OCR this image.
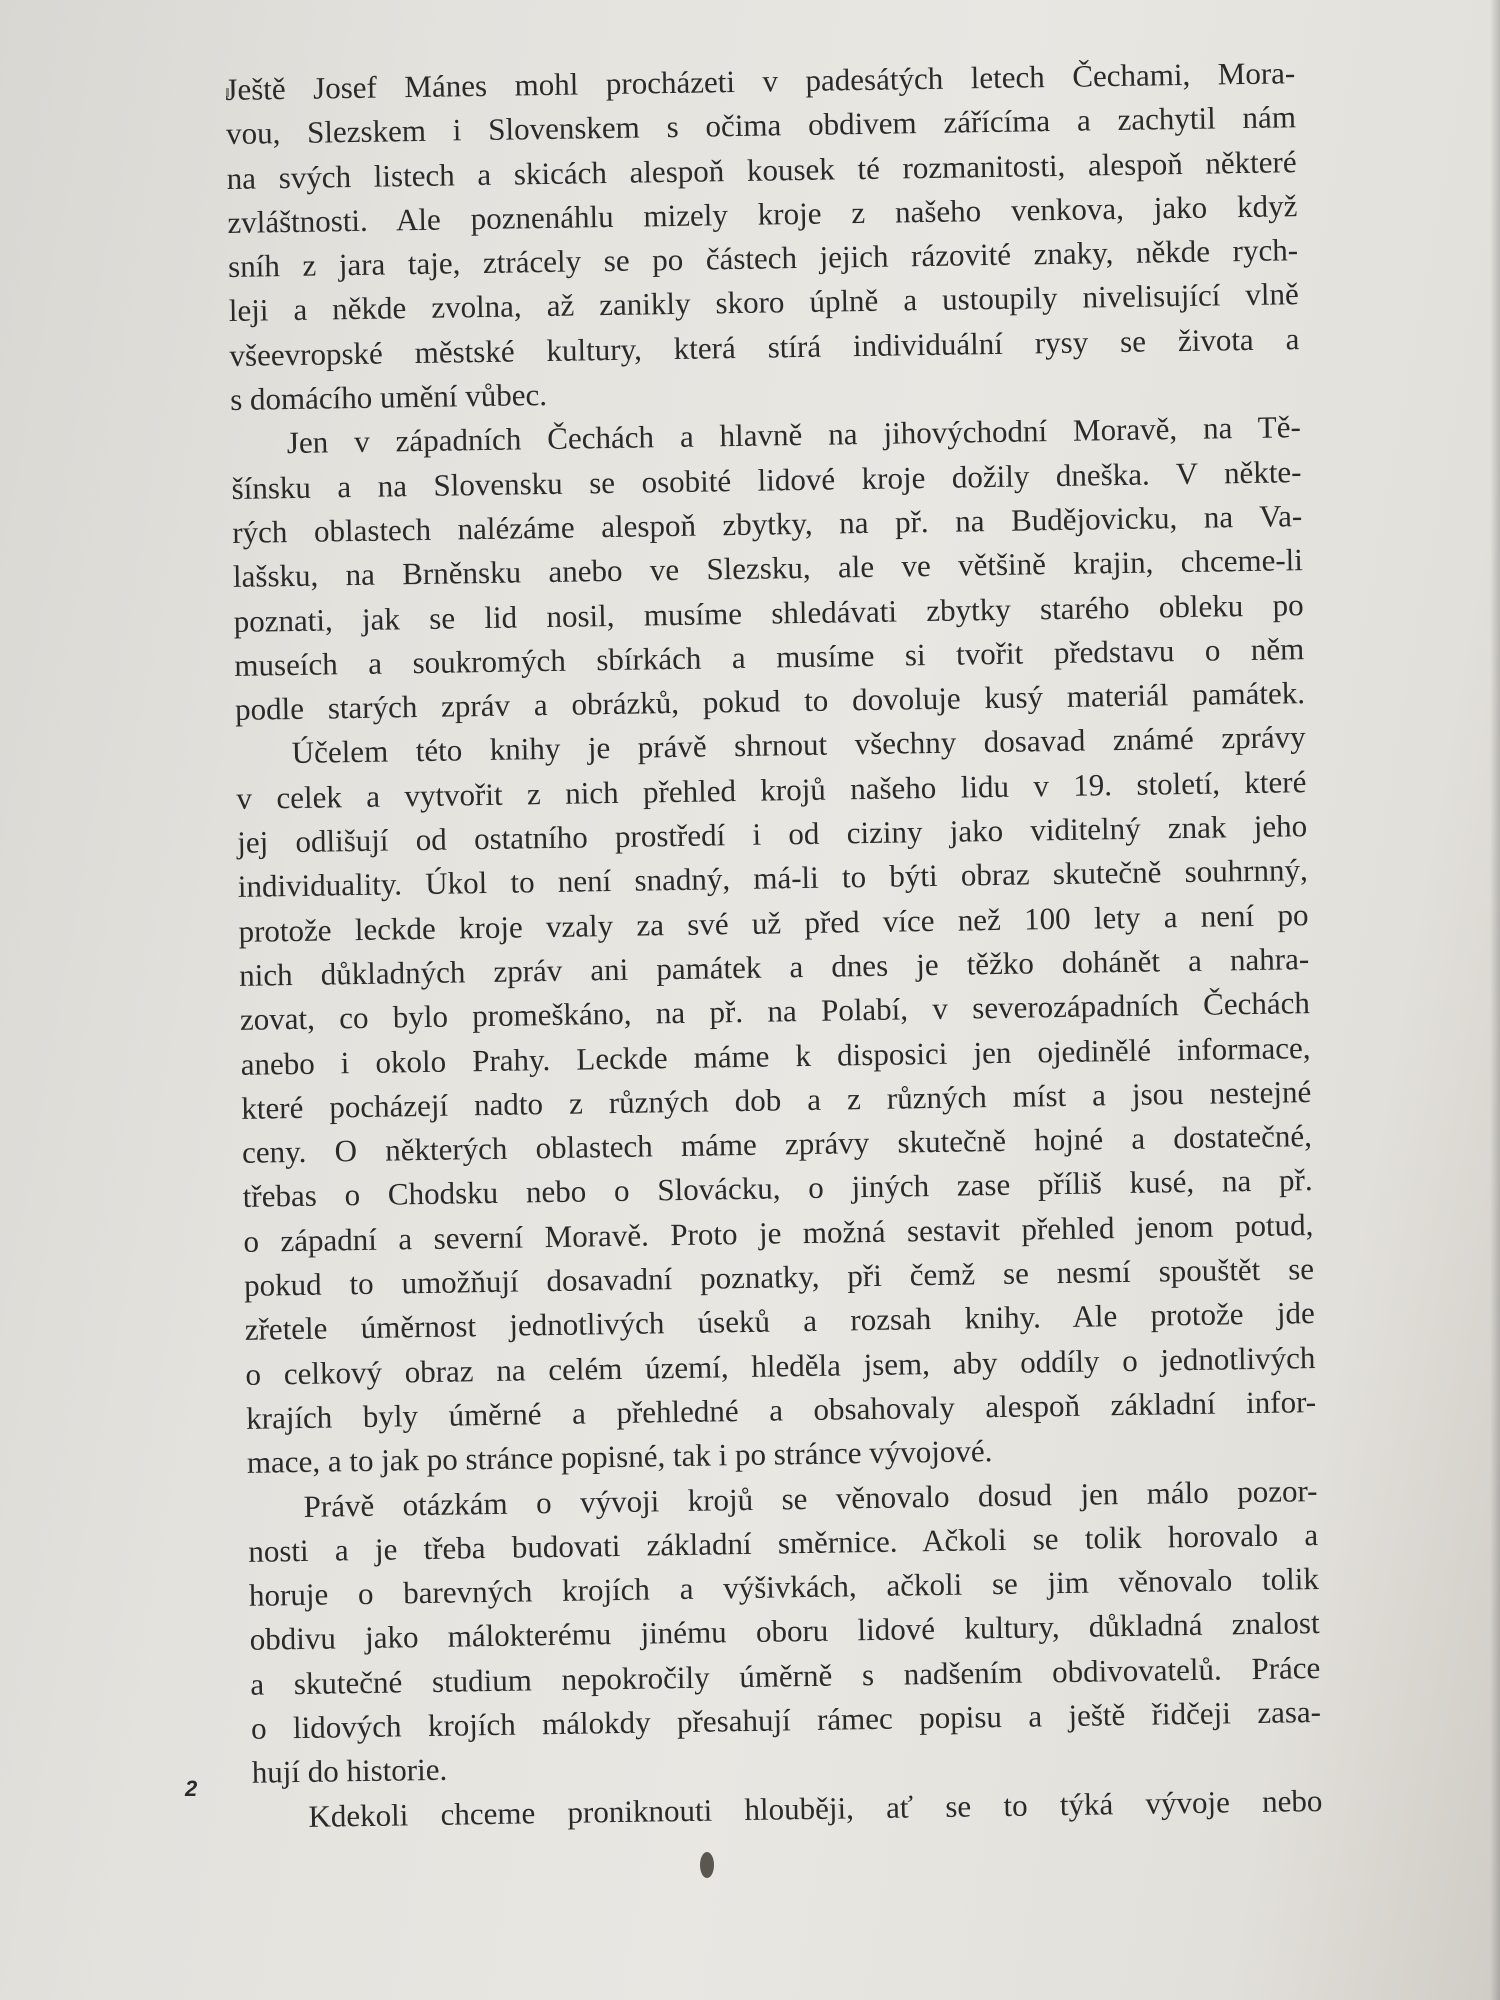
Ještě Josef Mánes mohl procházeti v padesátých letech Čechami, Mora-
vou, Slezskem i Slovenskem s očima obdivem zářícíma a zachytil nám
na svých listech a skicách alespoň kousek té rozmanitosti, alespoň některé
zvláštnosti. Ale poznenáhlu mizely kroje z našeho venkova, jako když
sníh z jara taje, ztrácely se po částech jejich rázovité znaky, někde rych-
leji a někde zvolna, až zanikly skoro úplně a ustoupily nivelisující vlně
všeevropské městské kultury, která stírá individuální rysy se života a
s domácího umění vůbec.
Jen v západních Čechách a hlavně na jihovýchodní Moravě, na Tě-
šínsku a na Slovensku se osobité lidové kroje dožily dneška. V někte-
rých oblastech nalézáme alespoň zbytky, na př. na Budějovicku, na Va-
lašsku, na Brněnsku anebo ve Slezsku, ale ve většině krajin, chceme-li
poznati, jak se lid nosil, musíme shledávati zbytky starého obleku po
museích a soukromých sbírkách a musíme si tvořit představu o něm
podle starých zpráv a obrázků, pokud to dovoluje kusý materiál památek.
Účelem této knihy je právě shrnout všechny dosavad známé zprávy
v celek a vytvořit z nich přehled krojů našeho lidu v 19. století, které
jej odlišují od ostatního prostředí i od ciziny jako viditelný znak jeho
individuality. Úkol to není snadný, má-li to býti obraz skutečně souhrnný,
protože leckde kroje vzaly za své už před více než 100 lety a není po
nich důkladných zpráv ani památek a dnes je těžko dohánět a nahra-
zovat, co bylo promeškáno, na př. na Polabí, v severozápadních Čechách
anebo i okolo Prahy. Leckde máme k disposici jen ojedinělé informace,
které pocházejí nadto z různých dob a z různých míst a jsou nestejné
ceny. O některých oblastech máme zprávy skutečně hojné a dostatečné,
třebas o Chodsku nebo o Slovácku, o jiných zase příliš kusé, na př.
o západní a severní Moravě. Proto je možná sestavit přehled jenom potud,
pokud to umožňují dosavadní poznatky, při čemž se nesmí spouštět se
zřetele úměrnost jednotlivých úseků a rozsah knihy. Ale protože jde
o celkový obraz na celém území, hleděla jsem, aby oddíly o jednotlivých
krajích byly úměrné a přehledné a obsahovaly alespoň základní infor-
mace, a to jak po stránce popisné, tak i po stránce vývojové.
Právě otázkám o vývoji krojů se věnovalo dosud jen málo pozor-
nosti a je třeba budovati základní směrnice. Ačkoli se tolik horovalo a
horuje o barevných krojích a výšivkách, ačkoli se jim věnovalo tolik
obdivu jako málokterému jinému oboru lidové kultury, důkladná znalost
a skutečné studium nepokročily úměrně s nadšením obdivovatelů. Práce
o lidových krojích málokdy přesahují rámec popisu a ještě řidčeji zasa-
hují do historie.
Kdekoli chceme proniknouti hlouběji, ať se to týká vývoje nebo
2
